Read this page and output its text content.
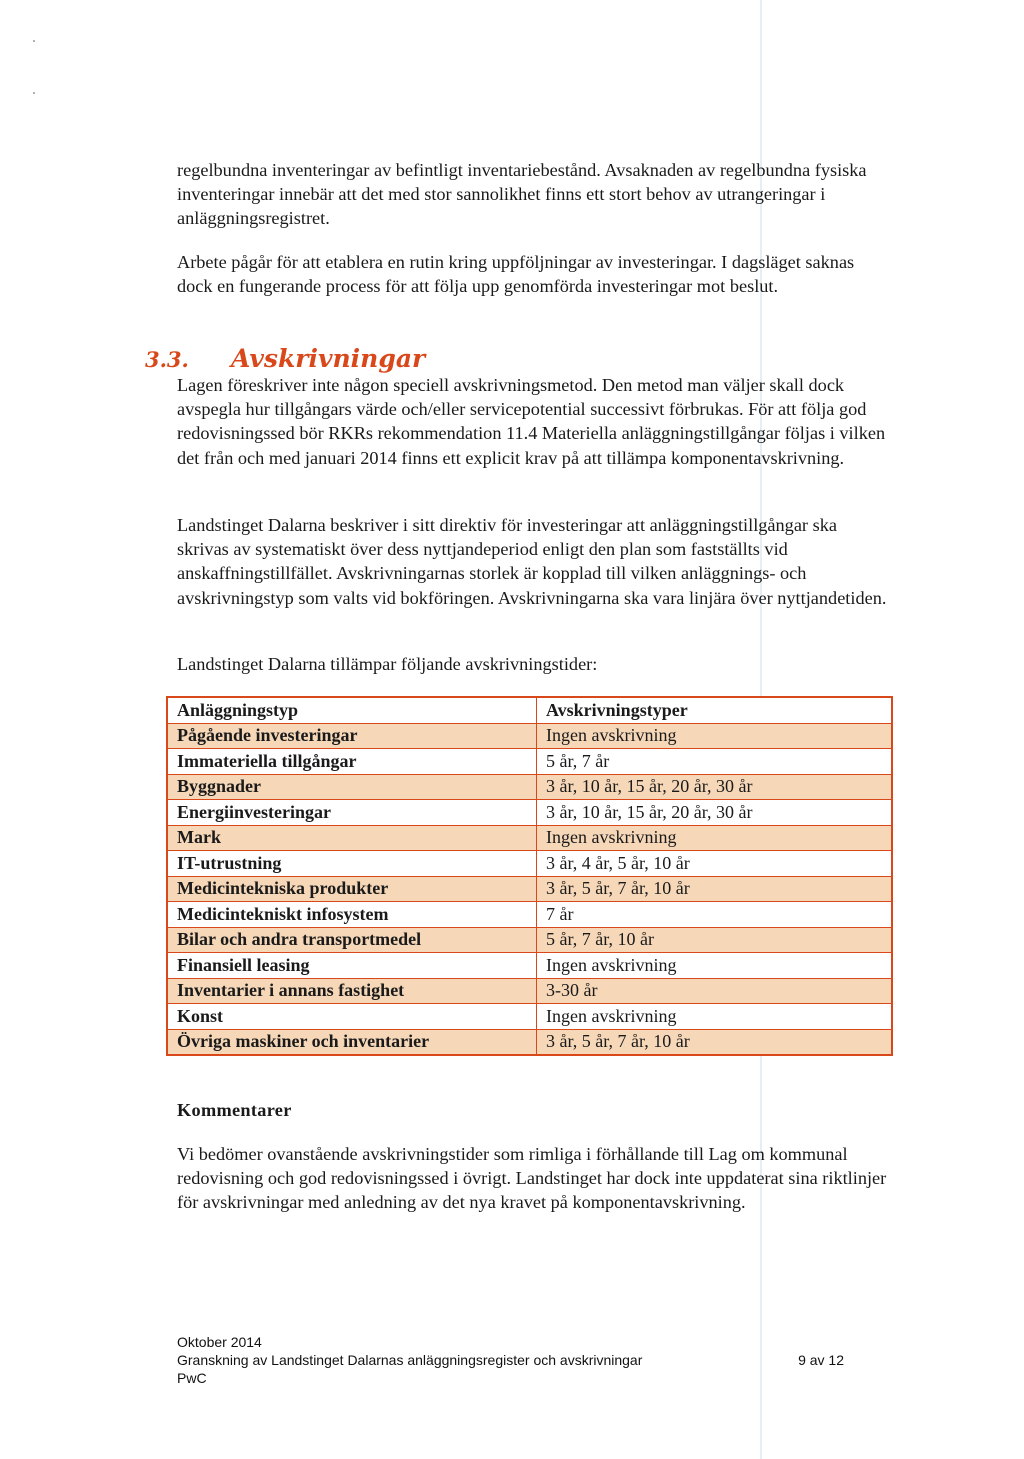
regelbundna inventeringar av befintligt inventariebestånd. Avsaknaden av regelbundna fysiska inventeringar innebär att det med stor sannolikhet finns ett stort behov av utrangeringar i anläggningsregistret.

Arbete pågår för att etablera en rutin kring uppföljningar av investeringar. I dagsläget saknas dock en fungerande process för att följa upp genomförda investeringar mot beslut.

3.3. Avskrivningar

Lagen föreskriver inte någon speciell avskrivningsmetod. Den metod man väljer skall dock avspegla hur tillgångars värde och/eller servicepotential successivt förbrukas. För att följa god redovisningssed bör RKRs rekommendation 11.4 Materiella anläggningstillgångar följas i vilken det från och med januari 2014 finns ett explicit krav på att tillämpa komponentavskrivning.

Landstinget Dalarna beskriver i sitt direktiv för investeringar att anläggningstillgångar ska skrivas av systematiskt över dess nyttjandeperiod enligt den plan som fastställts vid anskaffningstillfället. Avskrivningarnas storlek är kopplad till vilken anläggnings- och avskrivningstyp som valts vid bokföringen. Avskrivningarna ska vara linjära över nyttjandetiden.

Landstinget Dalarna tillämpar följande avskrivningstider:

Anläggningstyp		Avskrivningstyper
Pågående investeringar		Ingen avskrivning
Immateriella tillgångar		5 år, 7 år
Byggnader		3 år, 10 år, 15 år, 20 år, 30 år
Energiinvesteringar		3 år, 10 år, 15 år, 20 år, 30 år
Mark		Ingen avskrivning
IT-utrustning		3 år, 4 år, 5 år, 10 år
Medicintekniska produkter		3 år, 5 år, 7 år, 10 år
Medicintekniskt infosystem		7 år
Bilar och andra transportmedel		5 år, 7 år, 10 år
Finansiell leasing		Ingen avskrivning
Inventarier i annans fastighet		3-30 år
Konst		Ingen avskrivning
Övriga maskiner och inventarier		3 år, 5 år, 7 år, 10 år

Kommentarer

Vi bedömer ovanstående avskrivningstider som rimliga i förhållande till Lag om kommunal redovisning och god redovisningssed i övrigt. Landstinget har dock inte uppdaterat sina riktlinjer för avskrivningar med anledning av det nya kravet på komponentavskrivning.

Oktober 2014
Granskning av Landstinget Dalarnas anläggningsregister och avskrivningar
PwC
9 av 12
